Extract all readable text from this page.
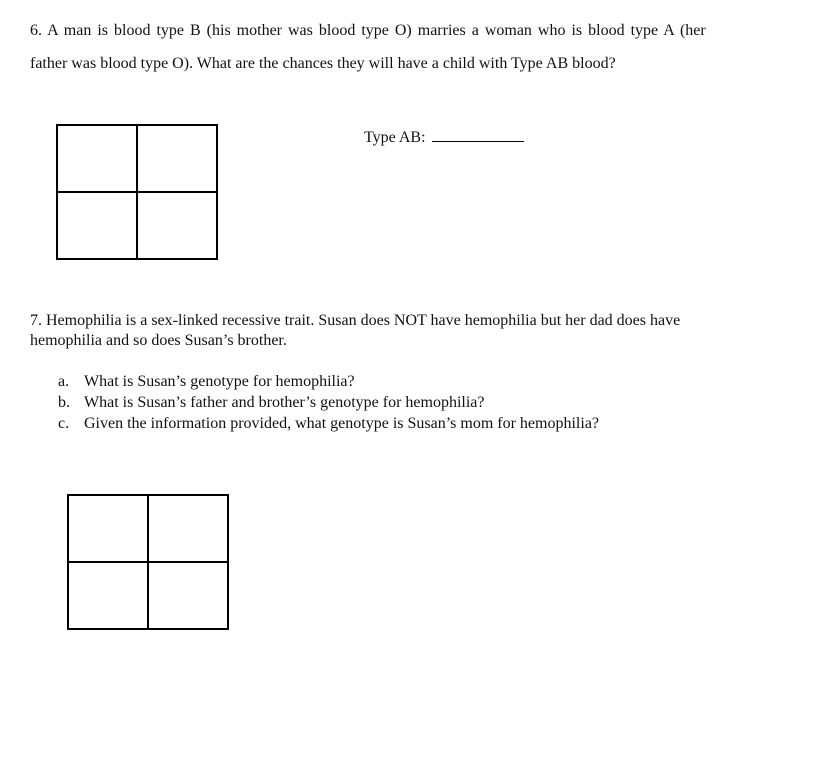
6. A man is blood type B (his mother was blood type O) marries a woman who is blood type A (her
father was blood type O). What are the chances they will have a child with Type AB blood?
Type AB:
7. Hemophilia is a sex-linked recessive trait. Susan does NOT have hemophilia but her dad does have
hemophilia and so does Susan’s brother.
a. What is Susan’s genotype for hemophilia?
b. What is Susan’s father and brother’s genotype for hemophilia?
c. Given the information provided, what genotype is Susan’s mom for hemophilia?
